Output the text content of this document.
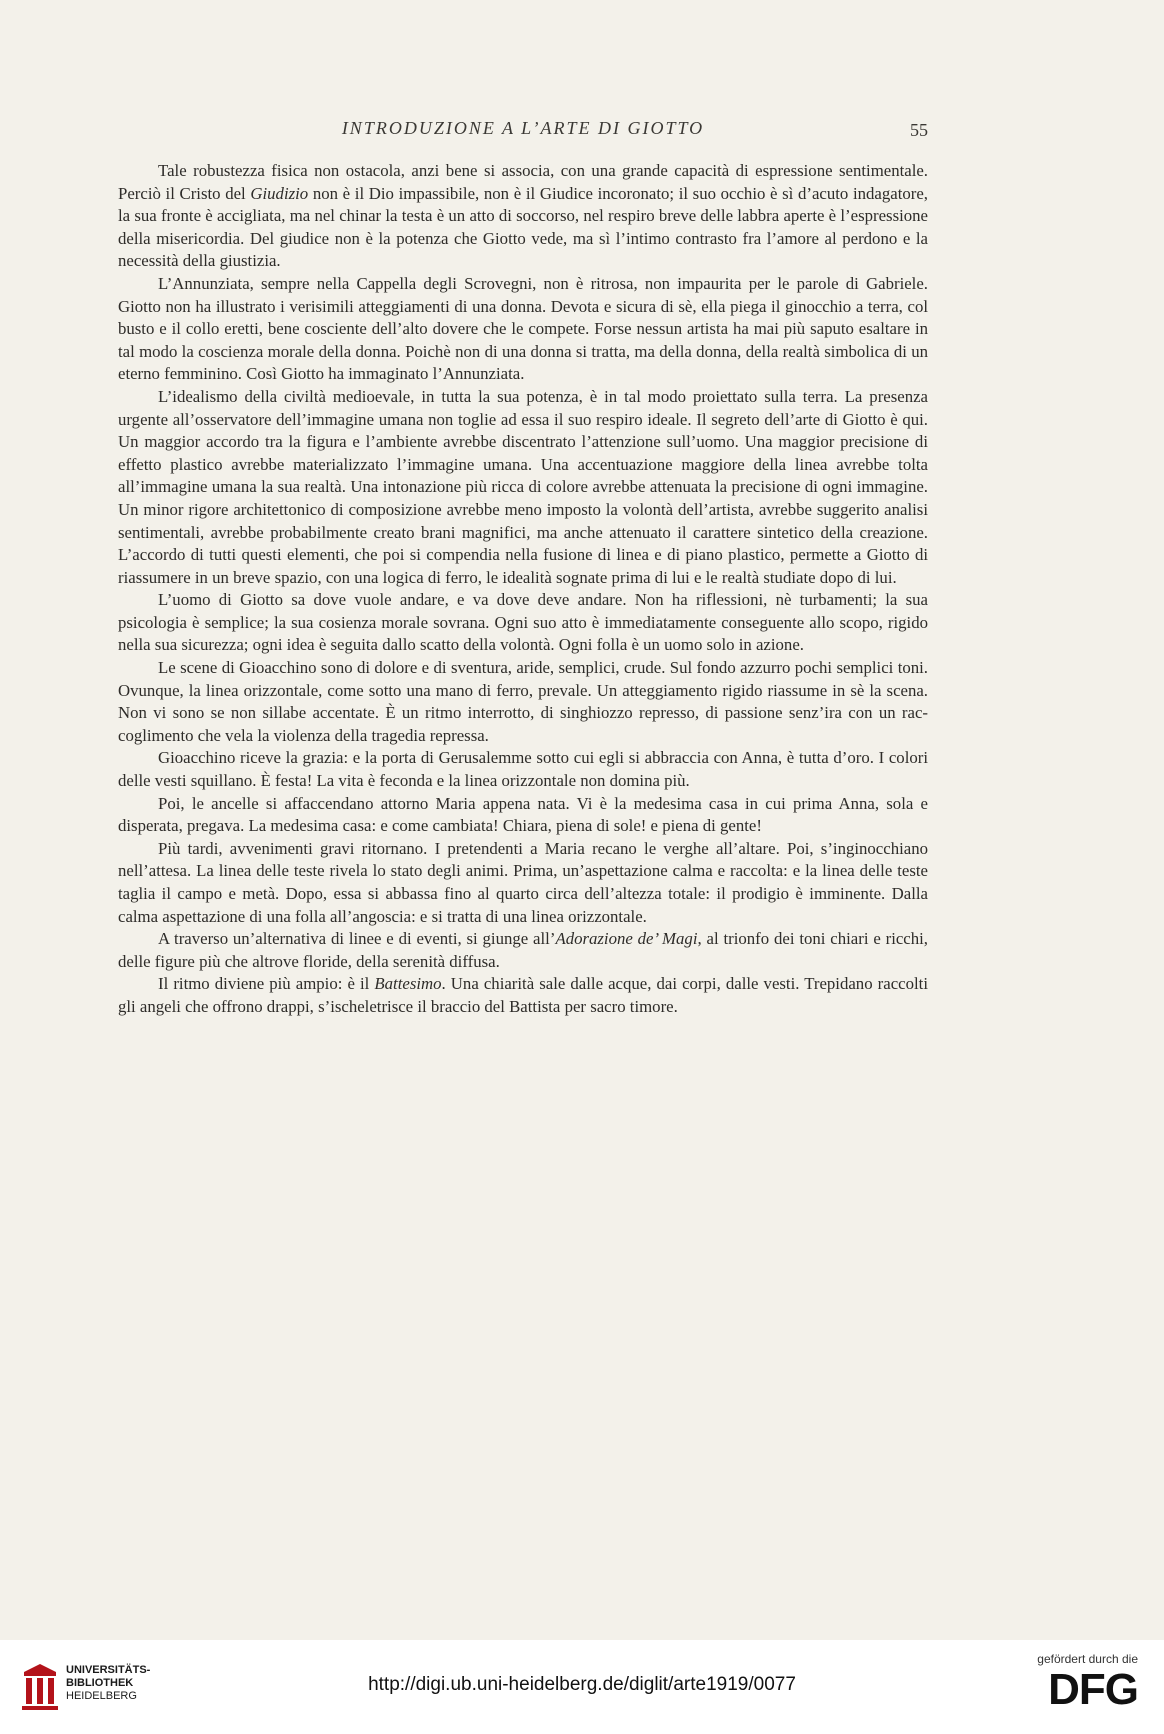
INTRODUZIONE A L’ARTE DI GIOTTO	55

Tale robustezza fisica non ostacola, anzi bene si associa, con una grande capacità di espressione sentimentale. Perciò il Cristo del Giudizio non è il Dio impassibile, non è il Giudice incoronato; il suo occhio è sì d’acuto indagatore, la sua fronte è accigliata, ma nel chinar la testa è un atto di soccorso, nel respiro breve delle labbra aperte è l’espressione della misericordia. Del giudice non è la potenza che Giotto vede, ma sì l’intimo contrasto fra l’amore al perdono e la necessità della giustizia.

L’Annunziata, sempre nella Cappella degli Scrovegni, non è ritrosa, non impaurita per le parole di Gabriele. Giotto non ha illustrato i verisimili atteggiamenti di una donna. Devota e sicura di sè, ella piega il ginocchio a terra, col busto e il collo eretti, bene cosciente dell’alto dovere che le compete. Forse nessun artista ha mai più saputo esaltare in tal modo la coscienza morale della donna. Poichè non di una donna si tratta, ma della donna, della realtà simbolica di un eterno femminino. Così Giotto ha immaginato l’Annunziata.

L’idealismo della civiltà medioevale, in tutta la sua potenza, è in tal modo proiettato sulla terra. La presenza urgente all’osservatore dell’immagine umana non toglie ad essa il suo respiro ideale. Il segreto dell’arte di Giotto è qui. Un maggior accordo tra la figura e l’ambiente avrebbe discentrato l’attenzione sull’uomo. Una maggior precisione di effetto plastico avrebbe materializzato l’immagine umana. Una accentuazione maggiore della linea avrebbe tolta all’immagine umana la sua realtà. Una intonazione più ricca di colore avrebbe attenuata la precisione di ogni immagine. Un minor rigore architettonico di composizione avrebbe meno imposto la volontà dell’artista, avrebbe suggerito analisi sentimentali, avrebbe probabilmente creato brani magnifici, ma anche attenuato il carattere sintetico della creazione. L’accordo di tutti questi elementi, che poi si compendia nella fusione di linea e di piano plastico, permette a Giotto di riassumere in un breve spazio, con una logica di ferro, le idealità sognate prima di lui e le realtà studiate dopo di lui.

L’uomo di Giotto sa dove vuole andare, e va dove deve andare. Non ha riflessioni, nè turbamenti; la sua psicologia è semplice; la sua cosienza morale sovrana. Ogni suo atto è immediatamente conseguente allo scopo, rigido nella sua sicurezza; ogni idea è seguita dallo scatto della volontà. Ogni folla è un uomo solo in azione.

Le scene di Gioacchino sono di dolore e di sventura, aride, semplici, crude. Sul fondo azzurro pochi semplici toni. Ovunque, la linea orizzontale, come sotto una mano di ferro, prevale. Un atteggiamento rigido riassume in sè la scena. Non vi sono se non sillabe accentate. È un ritmo interrotto, di singhiozzo represso, di passione senz’ira con un raccoglimento che vela la violenza della tragedia repressa.

Gioacchino riceve la grazia: e la porta di Gerusalemme sotto cui egli si abbraccia con Anna, è tutta d’oro. I colori delle vesti squillano. È festa! La vita è feconda e la linea orizzontale non domina più.

Poi, le ancelle si affaccendano attorno Maria appena nata. Vi è la medesima casa in cui prima Anna, sola e disperata, pregava. La medesima casa: e come cambiata! Chiara, piena di sole! e piena di gente!

Più tardi, avvenimenti gravi ritornano. I pretendenti a Maria recano le verghe all’altare. Poi, s’inginocchiano nell’attesa. La linea delle teste rivela lo stato degli animi. Prima, un’aspettazione calma e raccolta: e la linea delle teste taglia il campo e metà. Dopo, essa si abbassa fino al quarto circa dell’altezza totale: il prodigio è imminente. Dalla calma aspettazione di una folla all’angoscia: e si tratta di una linea orizzontale.

A traverso un’alternativa di linee e di eventi, si giunge all’Adorazione de’ Magi, al trionfo dei toni chiari e ricchi, delle figure più che altrove floride, della serenità diffusa.

Il ritmo diviene più ampio: è il Battesimo. Una chiarità sale dalle acque, dai corpi, dalle vesti. Trepidano raccolti gli angeli che offrono drappi, s’ischeletrisce il braccio del Battista per sacro timore.

UNIVERSITÄTS-
BIBLIOTHEK
HEIDELBERG
http://digi.ub.uni-heidelberg.de/diglit/arte1919/0077
gefördert durch die
DFG
